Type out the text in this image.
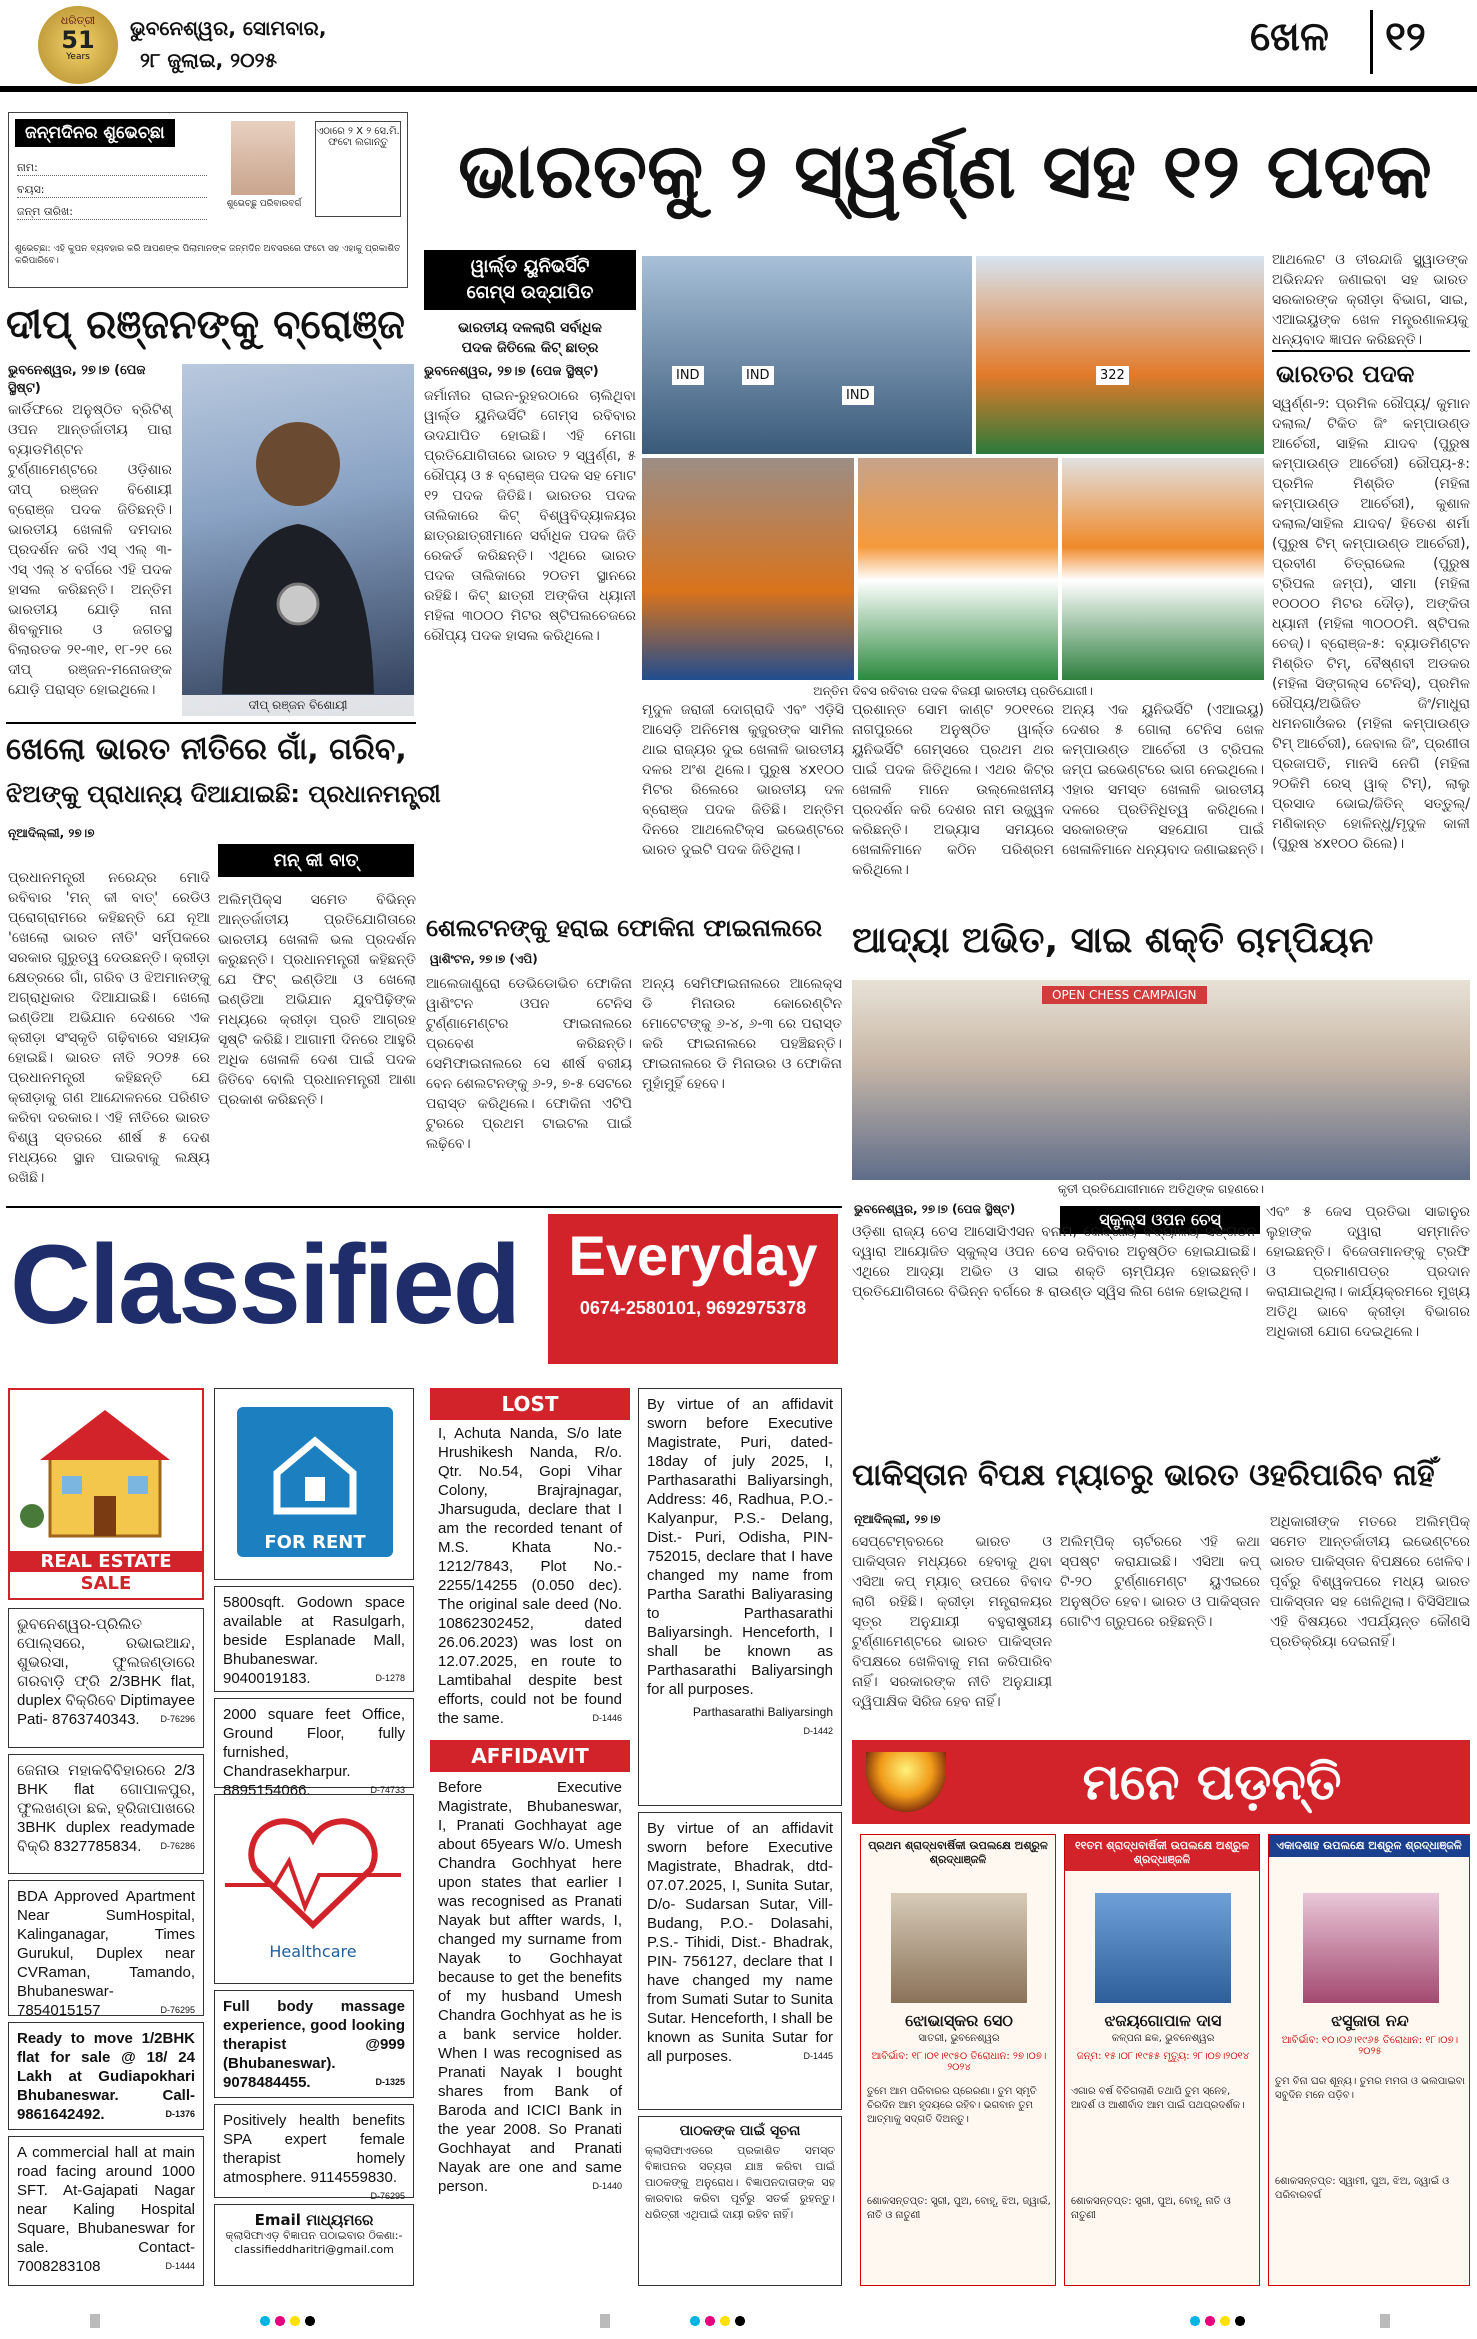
ଧରିତ୍ରୀ
51
Years
ଭୁବନେଶ୍ୱର, ସୋମବାର,
୨୮ ଜୁଲାଇ, ୨୦୨୫	ଖେଳ ୧୨
ଜନ୍ମଦିନର ଶୁଭେଚ୍ଛା
ନାମ:
ବୟସ:
ଜନ୍ମ ତାରିଖ:
ଶୁଭେଚ୍ଛୁ ପରିବାରବର୍ଗ
ଏଠାରେ ୨ X ୨ ସେ.ମି. ଫଟୋ ଲଗାନ୍ତୁ
ଶୁଭେଚ୍ଛା: ଏହି କୁପନ ବ୍ୟବହାର କରି ଆପଣଙ୍କ ପିଲାମାନଙ୍କ ଜନ୍ମଦିନ ଅବସରରେ ଫଟୋ ସହ ଏହାକୁ ପ୍ରକାଶିତ କରିପାରିବେ।
ଭାରତକୁ ୨ ସ୍ୱର୍ଣ୍ଣ ସହ ୧୨ ପଦକ
ଦୀପ୍ ରଞ୍ଜନଙ୍କୁ ବ୍ରୋଞ୍ଜ
ଭୁବନେଶ୍ୱର, ୨୭।୭ (ପେଜ ସ୍ଥିଷ୍ଟ)
କାର୍ଡିଫରେ ଅନୁଷ୍ଠିତ ବ୍ରିଟିଶ୍ ଓପନ ଆନ୍ତର୍ଜାତୀୟ ପାରା ବ୍ୟାଡମିଣ୍ଟନ ଟୁର୍ଣ୍ଣାମେଣ୍ଟରେ ଓଡ଼ିଶାର ଦୀପ୍ ରଞ୍ଜନ ବିଶୋୟୀ ବ୍ରୋଞ୍ଜ ପଦକ ଜିତିଛନ୍ତି। ଭାରତୀୟ ଖେଳାଳି ଦମଦାର ପ୍ରଦର୍ଶନ କରି ଏସ୍ ଏଲ୍ ୩-ଏସ୍ ଏଲ୍ ୪ ବର୍ଗରେ ଏହି ପଦକ ହାସଲ କରିଛନ୍ତି। ଅନ୍ତିମ ଭାରତୀୟ ଯୋଡ଼ି ନାନା ଶିବକୁମାର ଓ ଜଗତସ୍ଥ ବିଲାରତକ ୨୧-୩୧, ୧୮-୨୧ ରେ ଦୀପ୍ ରଞ୍ଜନ-ମନୋଜଙ୍କ ଯୋଡ଼ି ପରାସ୍ତ ହୋଇଥିଲେ।
ଦୀପ୍ ରଞ୍ଜନ ବିଶୋୟୀ
ୱାର୍ଲ୍ଡ ୟୁନିଭର୍ସିଟି
ଗେମ୍ସ ଉଦ୍ଯାପିତ
ଭାରତୀୟ ଦଳଲାଗି ସର୍ବାଧିକ
ପଦକ ଜିତିଲେ କିଟ୍ ଛାତ୍ର
ଭୁବନେଶ୍ୱର, ୨୭।୭ (ପେଜ ସ୍ଥିଷ୍ଟ)
ଜର୍ମାନୀର ରାଇନ-ରୁହରଠାରେ ଚାଲିଥିବା ୱାର୍ଲ୍ଡ ୟୁନିଭର୍ସିଟି ଗେମ୍ସ ରବିବାର ଉଦଯାପିତ ହୋଇଛି। ଏହି ମେଗା ପ୍ରତିଯୋଗିତାରେ ଭାରତ ୨ ସ୍ୱର୍ଣ୍ଣ, ୫ ରୌପ୍ୟ ଓ ୫ ବ୍ରୋଞ୍ଜ ପଦକ ସହ ମୋଟ ୧୨ ପଦକ ଜିତିଛି। ଭାରତର ପଦକ ତାଲିକାରେ କିଟ୍ ବିଶ୍ୱବିଦ୍ୟାଳୟର ଛାତ୍ରଛାତ୍ରୀମାନେ ସର୍ବାଧିକ ପଦକ ଜିତି ରେକର୍ଡ କରିଛନ୍ତି। ଏଥିରେ ଭାରତ ପଦକ ତାଲିକାରେ ୨୦ତମ ସ୍ଥାନରେ ରହିଛି। କିଟ୍ ଛାତ୍ରୀ ଅଙ୍କିତା ଧ୍ୟାନୀ ମହିଳା ୩୦୦୦ ମିଟର ଷ୍ଟିପଲଚେଜରେ ରୌପ୍ୟ ପଦକ ହାସଲ କରିଥିଲେ।
IND	IND
IND
322
ଅନ୍ତିମ ଦିବସ ରବିବାର ପଦକ ବିଜୟୀ ଭାରତୀୟ ପ୍ରତିଯୋଗୀ।
ଆଥଲେଟ ଓ ତୀରନ୍ଦାଜି ସ୍କ୍ୱାଡଙ୍କ ଅଭିନନ୍ଦନ ଜଣାଇବା ସହ ଭାରତ ସରକାରଙ୍କ କ୍ରୀଡ଼ା ବିଭାଗ, ସାଇ, ଏଆଇୟୁଙ୍କ ଖେଳ ମନ୍ତ୍ରଣାଳୟକୁ ଧନ୍ୟବାଦ ଜ୍ଞାପନ କରିଛନ୍ତି।
ଭାରତର ପଦକ
ସ୍ୱର୍ଣ୍ଣ-୨: ପ୍ରମିଳ ରୌପ୍ୟ/ କୁମାନ ଦଲାଲ/ ଟିକିତ ଜିଂ କମ୍ପାଉଣ୍ଡ ଆର୍ଚେରୀ, ସାହିଲ ଯାଦବ (ପୁରୁଷ କମ୍ପାଉଣ୍ଡ ଆର୍ଚେରୀ) ରୌପ୍ୟ-୫: ପ୍ରମିଳ ମିଶ୍ରିତ (ମହିଳା କମ୍ପାଉଣ୍ଡ ଆର୍ଚେରୀ), କୁଶାଳ ଦଲାଲ/ସାହିଲ ଯାଦବ/ ହିତେଶ ଶର୍ମା (ପୁରୁଷ ଟିମ୍ କମ୍ପାଉଣ୍ଡ ଆର୍ଚେରୀ), ପ୍ରବୀଣ ଚିତ୍ରାଭେଲ (ପୁରୁଷ ଟ୍ରିପଲ ଜମ୍ପ), ସୀମା (ମହିଳା ୧୦୦୦୦ ମିଟର ଦୌଡ଼), ଅଙ୍କିତା ଧ୍ୟାନୀ (ମହିଳା ୩୦୦୦ମି. ଷ୍ଟିପଲ ଚେଜ୍)। ବ୍ରୋଞ୍ଜ-୫: ବ୍ୟାଡମିଣ୍ଟନ ମିଶ୍ରିତ ଟିମ୍, ବୈଷ୍ଣବୀ ଅଡକର (ମହିଳା ସିଙ୍ଗଲ୍ସ ଟେନିସ୍), ପ୍ରମିଳ ରୌପ୍ୟ/ଅଭିଜିତ ଜିଂ/ମାଧୁରା ଧମନଗାଓଁକର (ମହିଳା କମ୍ପାଉଣ୍ଡ ଟିମ୍ ଆର୍ଚେରୀ), ଜେବାଲ ଜିଂ, ପ୍ରଣୀତା ପ୍ରଜାପତି, ମାନସି ନେଗି (ମହିଳା ୨୦କିମି ରେସ୍ ୱାକ୍ ଟିମ୍), ଲାଲୁ ପ୍ରସାଦ ଭୋଇ/ଜିତିନ୍ ସତ୍ତୁଲ୍/ ମଣିକାନ୍ତ ହୋଳିନ୍ଧୁ/ମୃଦୁଳ କାଳୀ (ପୁରୁଷ ୪x୧୦୦ ରିଲେ)।
ମୃଦୁଳ ଜରାଜୀ ଦୋଗ୍ରାଦି ଏବଂ ଏଡ଼ିସି ଆସେଡ଼ି ଅନିମେଷ କୁଜୁରଙ୍କ ସାମିଲ ଥାଇ ରାଜ୍ୟର ଦୁଇ ଖେଳାଳି ଭାରତୀୟ ଦଳର ଅଂଶ ଥିଲେ। ପୁରୁଷ ୪x୧୦୦ ମିଟର ରିଲେରେ ଭାରତୀୟ ଦଳ ବ୍ରୋଞ୍ଜ ପଦକ ଜିତିଛି। ଅନ୍ତିମ ଦିନରେ ଆଥଲେଟିକ୍ସ ଇଭେଣ୍ଟରେ ଭାରତ ଦୁଇଟି ପଦକ ଜିତିଥିଲା।
ପ୍ରଶାନ୍ତ ସୋମ କାଣ୍ଟ ୨୦୧୧ରେ ନାଗପୁରରେ ଅନୁଷ୍ଠିତ ୱାର୍ଲ୍ଡ ୟୁନିଭର୍ସିଟି ଗେମ୍ସରେ ପ୍ରଥମ ଥର ପାଇଁ ପଦକ ଜିତିଥିଲେ। ଏଥର କିଟ୍ର ଖେଳାଳି ମାନେ ଉଲ୍ଲେଖନୀୟ ପ୍ରଦର୍ଶନ କରି ଦେଶର ନାମ ଉଜ୍ଜ୍ୱଳ କରିଛନ୍ତି। ଅଭ୍ୟାସ ସମୟରେ ଖେଳାଳିମାନେ କଠିନ ପରିଶ୍ରମ କରିଥିଲେ।
ଅନ୍ୟ ଏକ ୟୁନିଭର୍ସିଟି (ଏଆଇୟୁ) ଦେଶର ୫ ଗୋଲା ଟେନିସ ଖେଳ କମ୍ପାଉଣ୍ଡ ଆର୍ଚେରୀ ଓ ଟ୍ରିପଲ ଜମ୍ପ ଇଭେଣ୍ଟରେ ଭାଗ ନେଇଥିଲେ। ଏହାର ସମସ୍ତ ଖେଳାଳି ଭାରତୀୟ ଦଳରେ ପ୍ରତିନିଧିତ୍ୱ କରିଥିଲେ। ସରକାରଙ୍କ ସହଯୋଗ ପାଇଁ ଖେଳାଳିମାନେ ଧନ୍ୟବାଦ ଜଣାଇଛନ୍ତି।
ଖେଲୋ ଭାରତ ନୀତିରେ ଗାଁ, ଗରିବ,
ଝିଅଙ୍କୁ ପ୍ରାଧାନ୍ୟ ଦିଆଯାଇଛି: ପ୍ରଧାନମନ୍ତ୍ରୀ
ନୂଆଦିଲ୍ଲୀ, ୨୭।୭
ମନ୍ କୀ ବାତ୍
ପ୍ରଧାନମନ୍ତ୍ରୀ ନରେନ୍ଦ୍ର ମୋଦି ରବିବାର 'ମନ୍ କୀ ବାତ୍' ରେଡିଓ ପ୍ରୋଗ୍ରାମରେ କହିଛନ୍ତି ଯେ ନୂଆ 'ଖେଲୋ ଭାରତ ନୀତି' ସର୍ମ୍ପକରେ ସରକାର ଗୁରୁତ୍ୱ ଦେଉଛନ୍ତି। କ୍ରୀଡ଼ା କ୍ଷେତ୍ରରେ ଗାଁ, ଗରିବ ଓ ଝିଅମାନଙ୍କୁ ଅଗ୍ରାଧିକାର ଦିଆଯାଇଛି। ଖେଲୋ ଇଣ୍ଡିଆ ଅଭିଯାନ ଦେଶରେ ଏକ କ୍ରୀଡ଼ା ସଂସ୍କୃତି ଗଢ଼ିବାରେ ସହାୟକ ହୋଇଛି। ଭାରତ ନୀତି ୨୦୨୫ ରେ ପ୍ରଧାନମନ୍ତ୍ରୀ କହିଛନ୍ତି ଯେ କ୍ରୀଡ଼ାକୁ ଗଣ ଆନ୍ଦୋଳନରେ ପରିଣତ କରିବା ଦରକାର। ଏହି ନୀତିରେ ଭାରତ ବିଶ୍ୱ ସ୍ତରରେ ଶୀର୍ଷ ୫ ଦେଶ ମଧ୍ୟରେ ସ୍ଥାନ ପାଇବାକୁ ଲକ୍ଷ୍ୟ ରଖିଛି।
ଅଲିମ୍ପିକ୍ସ ସମେତ ବିଭିନ୍ନ ଆନ୍ତର୍ଜାତୀୟ ପ୍ରତିଯୋଗିତାରେ ଭାରତୀୟ ଖେଳାଳି ଭଲ ପ୍ରଦର୍ଶନ କରୁଛନ୍ତି। ପ୍ରଧାନମନ୍ତ୍ରୀ କହିଛନ୍ତି ଯେ ଫିଟ୍ ଇଣ୍ଡିଆ ଓ ଖେଲୋ ଇଣ୍ଡିଆ ଅଭିଯାନ ଯୁବପିଢ଼ିଙ୍କ ମଧ୍ୟରେ କ୍ରୀଡ଼ା ପ୍ରତି ଆଗ୍ରହ ସୃଷ୍ଟି କରିଛି। ଆଗାମୀ ଦିନରେ ଆହୁରି ଅଧିକ ଖେଳାଳି ଦେଶ ପାଇଁ ପଦକ ଜିତିବେ ବୋଲି ପ୍ରଧାନମନ୍ତ୍ରୀ ଆଶା ପ୍ରକାଶ କରିଛନ୍ତି।
ଶେଲଟନଙ୍କୁ ହରାଇ ଫୋକିନା ଫାଇନାଲରେ
ୱାଶିଂଟନ, ୨୭।୭ (ଏପି)
ଆଲେଜାଣ୍ଡ୍ରୋ ଡେଭିଡୋଭିଚ ଫୋକିନା ୱାଶିଂଟନ ଓପନ ଟେନିସ ଟୁର୍ଣ୍ଣାମେଣ୍ଟର ଫାଇନାଲରେ ପ୍ରବେଶ କରିଛନ୍ତି। ସେମିଫାଇନାଲରେ ସେ ଶୀର୍ଷ ବରୀୟ ବେନ ଶେଲଟନଙ୍କୁ ୬-୨, ୭-୫ ସେଟରେ ପରାସ୍ତ କରିଥିଲେ। ଫୋକିନା ଏଟିପି ଟୁରରେ ପ୍ରଥମ ଟାଇଟଲ ପାଇଁ ଲଢ଼ିବେ।
ଅନ୍ୟ ସେମିଫାଇନାଲରେ ଆଲେକ୍ସ ଡି ମିନାଉର କୋରେଣ୍ଟିନ ମୋଟେଟଙ୍କୁ ୬-୪, ୬-୩ ରେ ପରାସ୍ତ କରି ଫାଇନାଲରେ ପହଞ୍ଚିଛନ୍ତି। ଫାଇନାଲରେ ଡି ମିନାଉର ଓ ଫୋକିନା ମୁହାଁମୁହିଁ ହେବେ।
ଆଦ୍ୟା ଅଭିତ, ସାଇ ଶକ୍ତି ଚାମ୍ପିୟନ
OPEN CHESS CAMPAIGN
କୃତୀ ପ୍ରତିଯୋଗୀମାନେ ଅତିଥିଙ୍କ ଗହଣରେ।
ଭୁବନେଶ୍ୱର, ୨୭।୭ (ପେଜ ସ୍ଥିଷ୍ଟ)
ସ୍କୁଲ୍ସ ଓପନ ଚେସ୍
ଓଡ଼ିଶା ରାଜ୍ୟ ଚେସ ଆସୋସିଏସନ ବନାମ, କେନ୍ଦ୍ରୀୟ ବିଦ୍ୟାଳୟ ସଙ୍ଗଠନ ଦ୍ୱାରା ଆୟୋଜିତ ସ୍କୁଲ୍ସ ଓପନ ଚେସ ରବିବାର ଅନୁଷ୍ଠିତ ହୋଇଯାଇଛି। ଏଥିରେ ଆଦ୍ୟା ଅଭିତ ଓ ସାଇ ଶକ୍ତି ଚାମ୍ପିୟନ ହୋଇଛନ୍ତି। ପ୍ରତିଯୋଗିତାରେ ବିଭିନ୍ନ ବର୍ଗରେ ୫ ରାଉଣ୍ଡ ସ୍ୱିସ ଲିଗ ଖେଳ ହୋଇଥିଲା।
ଏବଂ ୫ ଜେସ ପ୍ରତିଭା ସାଚ୍ଚାନୁର ଲୁହାଙ୍କ ଦ୍ୱାରା ସମ୍ମାନିତ ହୋଇଛନ୍ତି। ବିଜେତାମାନଙ୍କୁ ଟ୍ରଫି ଓ ପ୍ରମାଣପତ୍ର ପ୍ରଦାନ କରାଯାଇଥିଲା। କାର୍ଯ୍ୟକ୍ରମରେ ମୁଖ୍ୟ ଅତିଥି ଭାବେ କ୍ରୀଡ଼ା ବିଭାଗର ଅଧିକାରୀ ଯୋଗ ଦେଇଥିଲେ।
Classified Everyday
0674-2580101, 9692975378
REAL ESTATE
SALE
ଭୁବନେଶ୍ୱର-ପ୍ରିଲିତ ପୋଲ୍ସରେ, ରଭାଇଆନ୍ଦ, ଶୁଭରସା, ଫୁଲଜଣ୍ଡାରେ ଗରବାଡ଼ି ଫ୍ରି 2/3BHK flat, duplex ବିକ୍ରିବେ Diptimayee Pati- 8763740343. D-76296
ଜେନାଉ ମହାକବିବିହାରରେ 2/3 BHK flat ଗୋପାଳପୁର, ଫୁଲଖଣ୍ଡା ଛକ, ହ୍ରିଜାପାଖରେ 3BHK duplex readymade ବିକ୍ରି 8327785834. D-76286
BDA Approved Apartment Near SumHospital, Kalinganagar, Times Gurukul, Duplex near CVRaman, Tamando, Bhubaneswar-7854015157	D-76295
Ready to move 1/2BHK flat for sale @ 18/ 24 Lakh at Gudiapokhari Bhubaneswar. Call-9861642492.	D-1376
A commercial hall at main road facing around 1000 SFT. At-Gajapati Nagar near Kaling Hospital Square, Bhubaneswar for sale. Contact- 7008283108	D-1444
FOR RENT
5800sqft. Godown space available at Rasulgarh, beside Esplanade Mall, Bhubaneswar. 9040019183.	D-1278
2000 square feet Office, Ground Floor, fully furnished, Chandrasekharpur. 8895154066.	D-74733
Healthcare
Full body massage experience, good looking therapist @999 (Bhubaneswar). 9078484455.	D-1325
Positively health benefits SPA expert female therapist homely atmosphere. 9114559830.
D-76295
Email ମାଧ୍ୟମରେ
କ୍ଲାସିଫାଏଡ଼ ବିଜ୍ଞାପନ ପଠାଇବାର ଠିକଣା:-
classifieddharitri@gmail.com
LOST
I, Achuta Nanda, S/o late Hrushikesh Nanda, R/o. Qtr. No.54, Gopi Vihar Colony, Brajrajnagar, Jharsuguda, declare that I am the recorded tenant of M.S. Khata No.- 1212/7843, Plot No.- 2255/14255 (0.050 dec). The original sale deed (No. 10862302452, dated 26.06.2023) was lost on 12.07.2025, en route to Lamtibahal despite best efforts, could not be found the same.	D-1446
AFFIDAVIT
Before Executive Magistrate, Bhubaneswar, I, Pranati Gochhayat age about 65years W/o. Umesh Chandra Gochhyat here upon states that earlier I was recognised as Pranati Nayak but affter wards, I, changed my surname from Nayak to Gochhayat because to get the benefits of my husband Umesh Chandra Gochhyat as he is a bank service holder. When I was recognised as Pranati Nayak I bought shares from Bank of Baroda and ICICI Bank in the year 2008. So Pranati Gochhayat and Pranati Nayak are one and same person.	D-1440
By virtue of an affidavit sworn before Executive Magistrate, Puri, dated- 18day of july 2025, I, Parthasarathi Baliyarsingh, Address: 46, Radhua, P.O.- Kalyanpur, P.S.- Delang, Dist.- Puri, Odisha, PIN- 752015, declare that I have changed my name from Partha Sarathi Baliyarasing to Parthasarathi Baliyarsingh. Henceforth, I shall be known as Parthasarathi Baliyarsingh for all purposes.
Parthasarathi Baliyarsingh
D-1442
By virtue of an affidavit sworn before Executive Magistrate, Bhadrak, dtd- 07.07.2025, I, Sunita Sutar, D/o- Sudarsan Sutar, Vill- Budang, P.O.- Dolasahi, P.S.- Tihidi, Dist.- Bhadrak, PIN- 756127, declare that I have changed my name from Sumati Sutar to Sunita Sutar. Henceforth, I shall be known as Sunita Sutar for all purposes.	D-1445
ପାଠକଙ୍କ ପାଇଁ ସୂଚନା
କ୍ଲାସିଫାଏଡରେ ପ୍ରକାଶିତ ସମସ୍ତ ବିଜ୍ଞାପନର ସତ୍ୟତା ଯାଞ୍ଚ କରିବା ପାଇଁ ପାଠକଙ୍କୁ ଅନୁରୋଧ। ବିଜ୍ଞାପନଦାତାଙ୍କ ସହ କାରବାର କରିବା ପୂର୍ବରୁ ସତର୍କ ରୁହନ୍ତୁ। ଧରିତ୍ରୀ ଏଥିପାଇଁ ଦାୟୀ ରହିବ ନାହିଁ।
ପାକିସ୍ତାନ ବିପକ୍ଷ ମ୍ୟାଚରୁ ଭାରତ ଓହରିପାରିବ ନାହିଁ
ନୂଆଦିଲ୍ଲୀ, ୨୭।୭
ସେପ୍ଟେମ୍ବରରେ ଭାରତ ଓ ପାକିସ୍ତାନ ମଧ୍ୟରେ ହେବାକୁ ଥିବା ଏସିଆ କପ୍ ମ୍ୟାଚ୍ ଉପରେ ବିବାଦ ଲାଗି ରହିଛି। କ୍ରୀଡ଼ା ମନ୍ତ୍ରାଳୟର ସୂତ୍ର ଅନୁଯାୟୀ ବହୁରାଷ୍ଟ୍ରୀୟ ଟୁର୍ଣ୍ଣାମେଣ୍ଟରେ ଭାରତ ପାକିସ୍ତାନ ବିପକ୍ଷରେ ଖେଳିବାକୁ ମନା କରିପାରିବ ନାହିଁ। ସରକାରଙ୍କ ନୀତି ଅନୁଯାୟୀ ଦ୍ୱିପାକ୍ଷିକ ସିରିଜ ହେବ ନାହିଁ।
ଅଲିମ୍ପିକ୍ ଚାର୍ଟରରେ ଏହି କଥା ସ୍ପଷ୍ଟ କରାଯାଇଛି। ଏସିଆ କପ୍ ଟି-୨୦ ଟୁର୍ଣ୍ଣାମେଣ୍ଟ ୟୁଏଇରେ ଅନୁଷ୍ଠିତ ହେବ। ଭାରତ ଓ ପାକିସ୍ତାନ ଗୋଟିଏ ଗ୍ରୁପରେ ରହିଛନ୍ତି।
ଅଧିକାରୀଙ୍କ ମତରେ ଅଲିମ୍ପିକ୍ ସମେତ ଆନ୍ତର୍ଜାତୀୟ ଇଭେଣ୍ଟରେ ଭାରତ ପାକିସ୍ତାନ ବିପକ୍ଷରେ ଖେଳିବ। ପୂର୍ବରୁ ବିଶ୍ୱକପରେ ମଧ୍ୟ ଭାରତ ପାକିସ୍ତାନ ସହ ଖେଳିଥିଲା। ବିସିସିଆଇ ଏହି ବିଷୟରେ ଏପର୍ଯ୍ୟନ୍ତ କୌଣସି ପ୍ରତିକ୍ରିୟା ଦେଇନାହିଁ।
ମନେ ପଡ଼ନ୍ତି
ପ୍ରଥମ ଶ୍ରାଦ୍ଧବାର୍ଷିକୀ ଉପଲକ୍ଷେ ଅଶ୍ରୁଳ ଶ୍ରଦ୍ଧାଞ୍ଜଳି
ଝୋଭାସ୍କର ସେଠ
ସାତରୀ, ଭୁବନେଶ୍ୱର
ଆବିର୍ଭାବ: ୧୮।୦୧।୧୯୫୦ ତିରୋଧାନ: ୨୭।୦୭।୨୦୨୪
ତୁମେ ଆମ ପରିବାରର ପ୍ରେରଣା। ତୁମ ସ୍ମୃତି ଚିରଦିନ ଆମ ହୃଦୟରେ ରହିବ। ଭଗବାନ ତୁମ ଆତ୍ମାକୁ ସଦ୍‌ଗତି ଦିଅନ୍ତୁ।
ଶୋକସନ୍ତପ୍ତ: ସ୍ତ୍ରୀ, ପୁଅ, ବୋହୂ, ଝିଅ, ଜ୍ୱାଇଁ, ନାତି ଓ ନାତୁଣୀ
୧୧ତମ ଶ୍ରାଦ୍ଧବାର୍ଷିକୀ ଉପଲକ୍ଷେ ଅଶ୍ରୁଳ ଶ୍ରଦ୍ଧାଞ୍ଜଳି
ଝଜୟଗୋପାଳ ଦାସ
କଳ୍ପନା ଛକ, ଭୁବନେଶ୍ୱର
ଜନ୍ମ: ୧୫।୦୮।୧୯୫୫ ମୃତ୍ୟୁ: ୨୮।୦୭।୨୦୧୪
ଏଗାର ବର୍ଷ ବିତିଗଲାଣି ତଥାପି ତୁମ ସ୍ନେହ, ଆଦର୍ଶ ଓ ଆଶୀର୍ବାଦ ଆମ ପାଇଁ ପଥପ୍ରଦର୍ଶକ।
ଶୋକସନ୍ତପ୍ତ: ସ୍ତ୍ରୀ, ପୁଅ, ବୋହୂ, ନାତି ଓ ନାତୁଣୀ
ଏକାଦଶାହ ଉପଲକ୍ଷେ ଅଶ୍ରୁଳ ଶ୍ରଦ୍ଧାଞ୍ଜଳି
ଝସୁଜାତା ନନ୍ଦ
ଆବିର୍ଭାବ: ୧୦।୦୬।୧୯୬୫ ତିରୋଧାନ: ୧୮।୦୭।୨୦୨୫
ତୁମ ବିନା ଘର ଶୂନ୍ୟ। ତୁମର ମମତା ଓ ଭଲପାଇବା ସବୁଦିନ ମନେ ପଡ଼ିବ।
ଶୋକସନ୍ତପ୍ତ: ସ୍ୱାମୀ, ପୁଅ, ଝିଅ, ଜ୍ୱାଇଁ ଓ ପରିବାରବର୍ଗ
